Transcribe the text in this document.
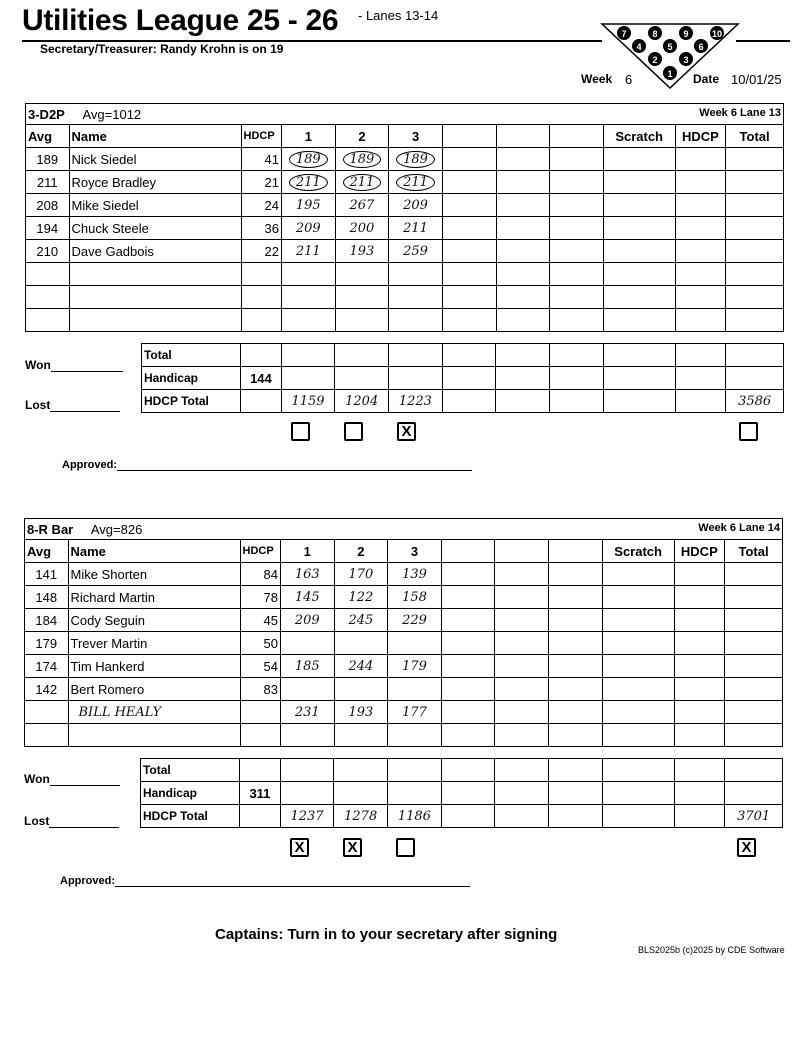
Utilities League 25 - 26 - Lanes 13-14
Secretary/Treasurer: Randy Krohn is on 19
7	8	9	10
4	5	6
2	3
1
Week 6	Date 10/01/25
3-D2P Avg=1012 Week 6 Lane 13											

Avg	Name	HDCP	1	2	3				Scratch	HDCP	Total
189	Nick Siedel	41	189	189	189						
211	Royce Bradley	21	211	211	211						
208	Mike Siedel	24	195	267	209						
194	Chuck Steele	36	209	200	211						
210	Dave Gadbois	22	211	193	259						

	Total										
	Handicap	144									
	HDCP Total		1159	1204	1223						3586
Won
Lost
X
Approved:
8-R Bar Avg=826 Week 6 Lane 14											

Avg	Name	HDCP	1	2	3				Scratch	HDCP	Total
141	Mike Shorten	84	163	170	139						
148	Richard Martin	78	145	122	158						
184	Cody Seguin	45	209	245	229						
179	Trever Martin	50									
174	Tim Hankerd	54	185	244	179						
142	Bert Romero	83									
	BILL HEALY		231	193	177						

	Total										
	Handicap	311									
	HDCP Total		1237	1278	1186						3701
Won
Lost
X	X	X
Approved:
Captains: Turn in to your secretary after signing
BLS2025b (c)2025 by CDE Software
